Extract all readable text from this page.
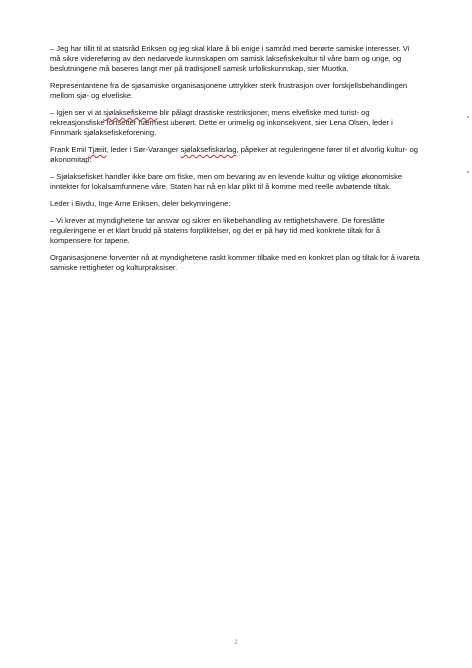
– Jeg har tillit til at statsråd Eriksen og jeg skal klare å bli enige i samråd med berørte samiske interesser. Vi må sikre videreføring av den nedarvede kunnskapen om samisk laksefiskekultur til våre barn og unge, og beslutningene må baseres langt mer på tradisjonell samisk urfolkskunnskap, sier Muotka.

Representantene fra de sjøsamiske organisasjonene uttrykker sterk frustrasjon over forskjellsbehandlingen mellom sjø- og elvefiske.

– Igjen ser vi at sjølaksefiskerne blir pålagt drastiske restriksjoner, mens elvefiske med turist- og rekreasjonsfiske fortsetter nærmest uberørt. Dette er urimelig og inkonsekvent, sier Lena Olsen, leder i Finnmark sjølaksefiskeforening.

Frank Emil Tjæiit, leder i Sør-Varanger sjølaksefiskarlag, påpeker at reguleringene fører til et alvorlig kultur- og økonomitap:

– Sjølaksefisket handler ikke bare om fiske, men om bevaring av en levende kultur og viktige økonomiske inntekter for lokalsamfunnene våre. Staten har nå en klar plikt til å komme med reelle avbøtende tiltak.

Leder i Bivdu, Inge Arne Eriksen, deler bekymringene:

– Vi krever at myndighetene tar ansvar og sikrer en likebehandling av rettighetshavere. De foreslåtte reguleringene er et klart brudd på statens forpliktelser, og det er på høy tid med konkrete tiltak for å kompensere for tapene.

Organisasjonene forventer nå at myndighetene raskt kommer tilbake med en konkret plan og tiltak for å ivareta samiske rettigheter og kulturpraksiser.

2
